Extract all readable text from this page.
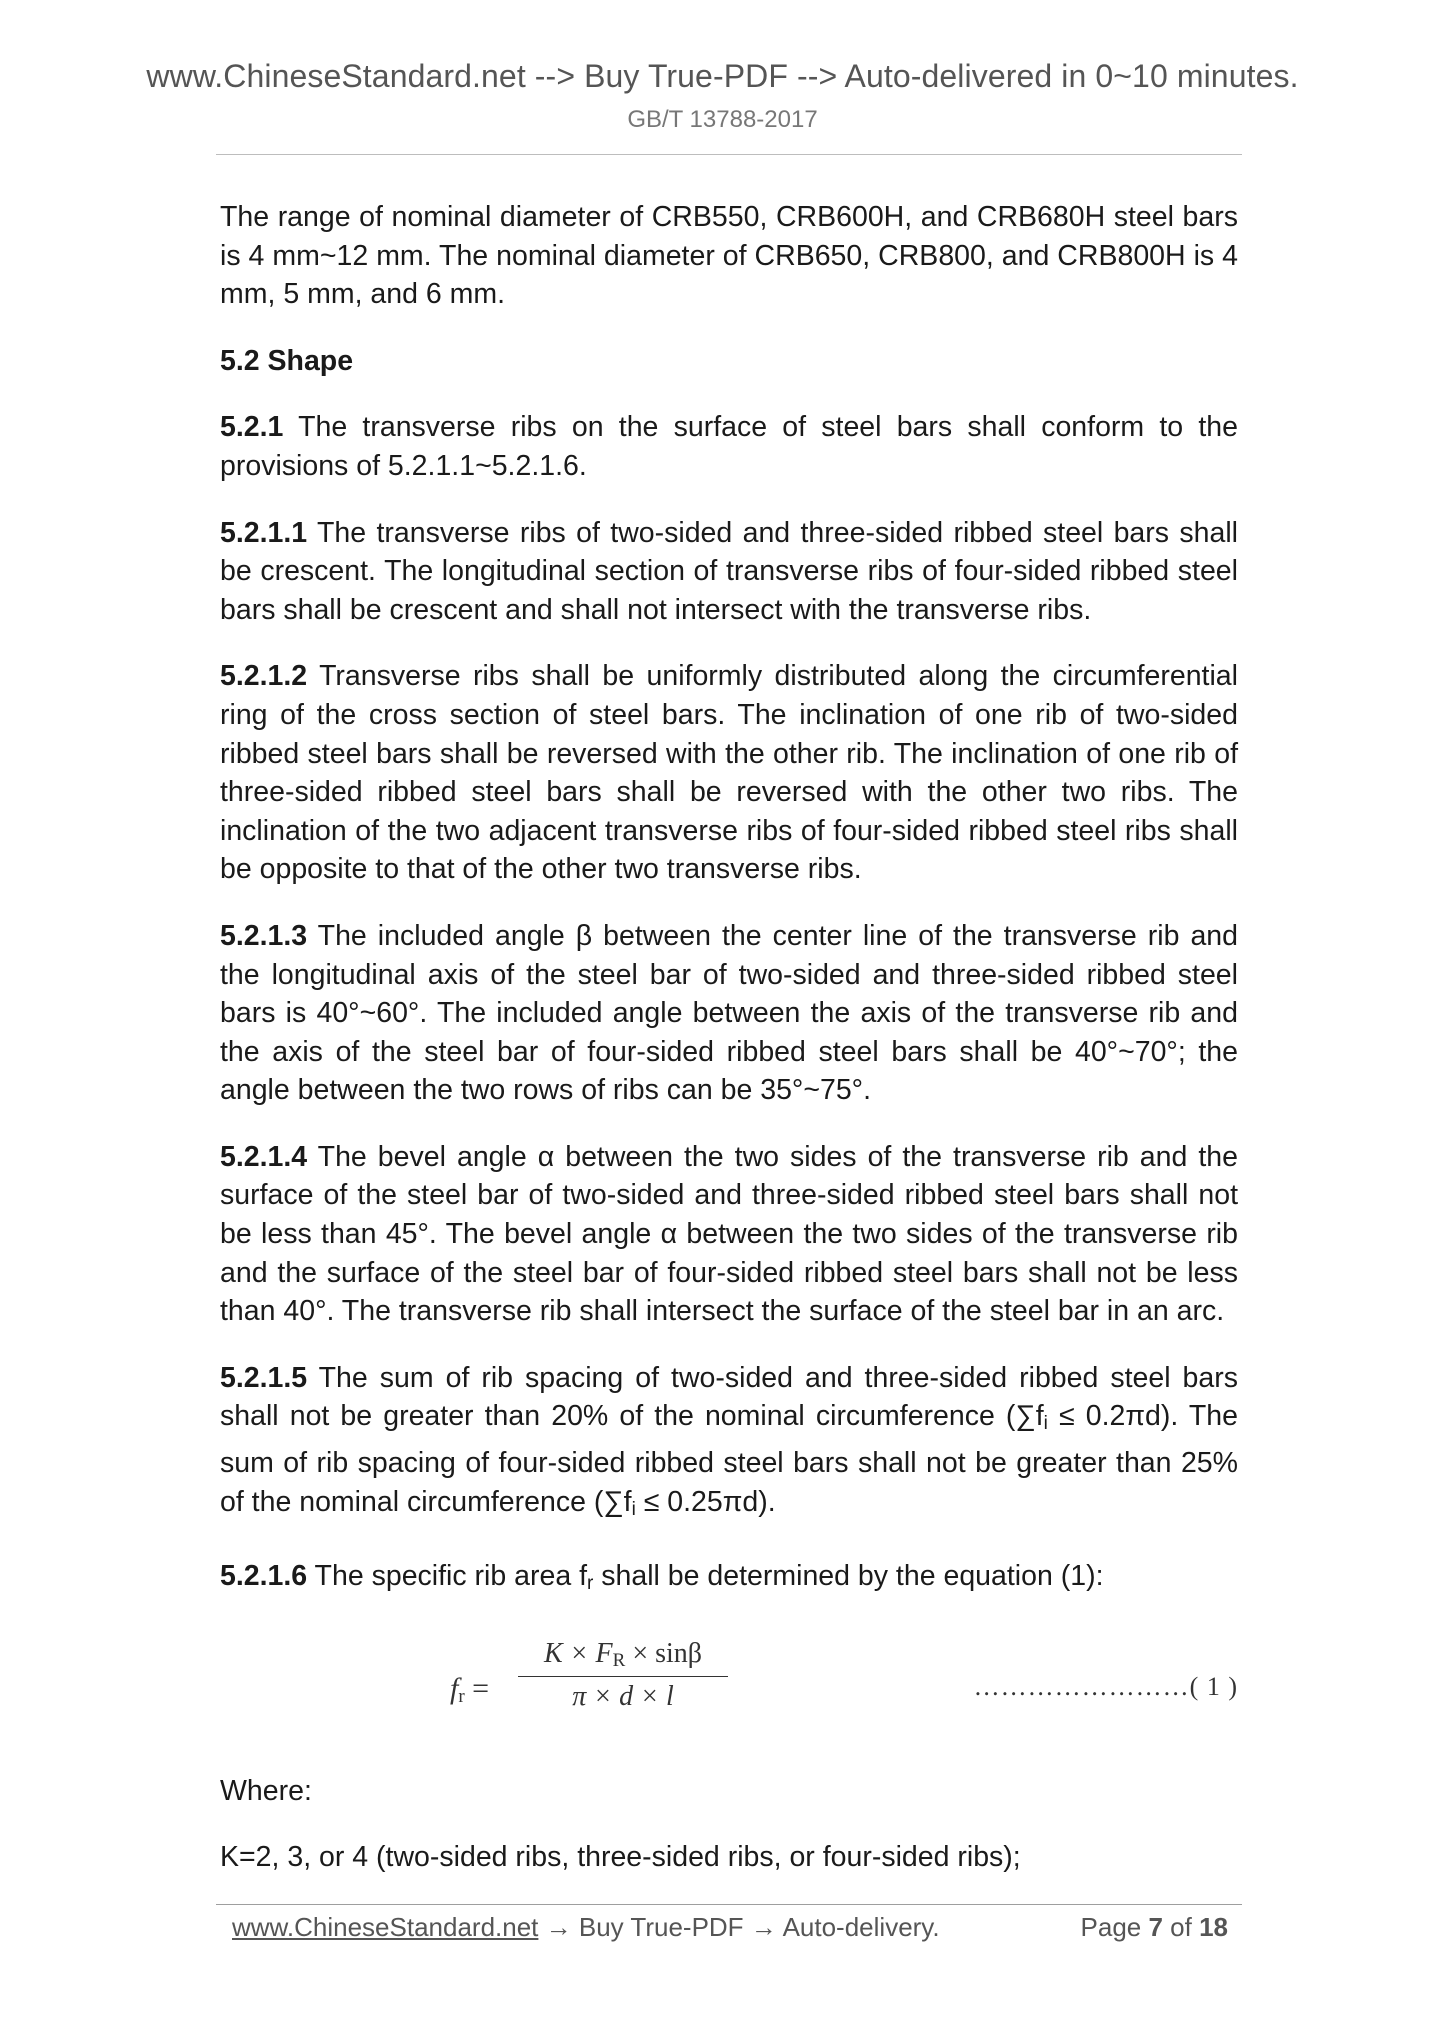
www.ChineseStandard.net --> Buy True-PDF --> Auto-delivered in 0~10 minutes.
GB/T 13788-2017

The range of nominal diameter of CRB550, CRB600H, and CRB680H steel bars is 4 mm~12 mm. The nominal diameter of CRB650, CRB800, and CRB800H is 4 mm, 5 mm, and 6 mm.

5.2 Shape

5.2.1 The transverse ribs on the surface of steel bars shall conform to the provisions of 5.2.1.1~5.2.1.6.

5.2.1.1 The transverse ribs of two-sided and three-sided ribbed steel bars shall be crescent. The longitudinal section of transverse ribs of four-sided ribbed steel bars shall be crescent and shall not intersect with the transverse ribs.

5.2.1.2 Transverse ribs shall be uniformly distributed along the circumferential ring of the cross section of steel bars. The inclination of one rib of two-sided ribbed steel bars shall be reversed with the other rib. The inclination of one rib of three-sided ribbed steel bars shall be reversed with the other two ribs. The inclination of the two adjacent transverse ribs of four-sided ribbed steel ribs shall be opposite to that of the other two transverse ribs.

5.2.1.3 The included angle β between the center line of the transverse rib and the longitudinal axis of the steel bar of two-sided and three-sided ribbed steel bars is 40°~60°. The included angle between the axis of the transverse rib and the axis of the steel bar of four-sided ribbed steel bars shall be 40°~70°; the angle between the two rows of ribs can be 35°~75°.

5.2.1.4 The bevel angle α between the two sides of the transverse rib and the surface of the steel bar of two-sided and three-sided ribbed steel bars shall not be less than 45°. The bevel angle α between the two sides of the transverse rib and the surface of the steel bar of four-sided ribbed steel bars shall not be less than 40°. The transverse rib shall intersect the surface of the steel bar in an arc.

5.2.1.5 The sum of rib spacing of two-sided and three-sided ribbed steel bars shall not be greater than 20% of the nominal circumference $(\sum f_i \le 0.2\pi d)$. The sum of rib spacing of four-sided ribbed steel bars shall not be greater than 25% of the nominal circumference $(\sum f_i \le 0.25\pi d)$.

5.2.1.6 The specific rib area $f_r$ shall be determined by the equation (1):

$f_r$ =
$K \times F_R \times \sin\beta$
π × d × l	……………………( 1 )

Where:

K=2, 3, or 4 (two-sided ribs, three-sided ribs, or four-sided ribs);

www.ChineseStandard.net → Buy True-PDF → Auto-delivery.	Page 7 of 18
